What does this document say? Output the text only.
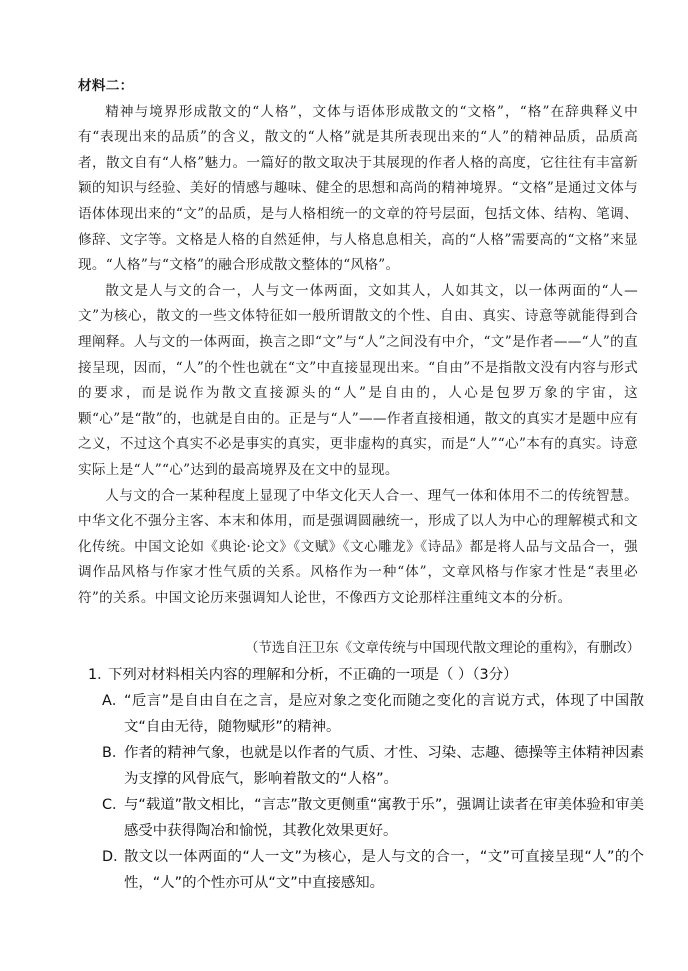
材料二：

精神与境界形成散文的“人格”，文体与语体形成散文的“文格”，“格”在辞典释义中有“表现出来的品质”的含义，散文的“人格”就是其所表现出来的“人”的精神品质，品质高者，散文自有“人格”魅力。一篇好的散文取决于其展现的作者人格的高度，它往往有丰富新颖的知识与经验、美好的情感与趣味、健全的思想和高尚的精神境界。“文格”是通过文体与语体体现出来的“文”的品质，是与人格相统一的文章的符号层面，包括文体、结构、笔调、修辞、文字等。文格是人格的自然延伸，与人格息息相关，高的“人格”需要高的“文格”来显现。“人格”与“文格”的融合形成散文整体的“风格”。

散文是人与文的合一，人与文一体两面，文如其人，人如其文，以一体两面的“人—文”为核心，散文的一些文体特征如一般所谓散文的个性、自由、真实、诗意等就能得到合理阐释。人与文的一体两面，换言之即“文”与“人”之间没有中介，“文”是作者——“人”的直接呈现，因而，“人”的个性也就在“文”中直接显现出来。“自由”不是指散文没有内容与形式的要求，而是说作为散文直接源头的“人”是自由的，人心是包罗万象的宇宙，这颗“心”是“散”的，也就是自由的。正是与“人”——作者直接相通，散文的真实才是题中应有之义，不过这个真实不必是事实的真实，更非虚构的真实，而是“人”“心”本有的真实。诗意实际上是“人”“心”达到的最高境界及在文中的显现。

人与文的合一某种程度上显现了中华文化天人合一、理气一体和体用不二的传统智慧。中华文化不强分主客、本末和体用，而是强调圆融统一，形成了以人为中心的理解模式和文化传统。中国文论如《典论·论文》《文赋》《文心雕龙》《诗品》都是将人品与文品合一，强调作品风格与作家才性气质的关系。风格作为一种“体”，文章风格与作家才性是“表里必符”的关系。中国文论历来强调知人论世，不像西方文论那样注重纯文本的分析。

（节选自汪卫东《文章传统与中国现代散文理论的重构》，有删改）

1．下列对材料相关内容的理解和分析，不正确的一项是（ ）（3分）

A．
“卮言”是自由自在之言，是应对象之变化而随之变化的言说方式，体现了中国散文“自由无待，随物赋形”的精神。

B．
作者的精神气象，也就是以作者的气质、才性、习染、志趣、德操等主体精神因素为支撑的风骨底气，影响着散文的“人格”。

C．
与“载道”散文相比，“言志”散文更侧重“寓教于乐”，强调让读者在审美体验和审美感受中获得陶冶和愉悦，其教化效果更好。

D．
散文以一体两面的“人一文”为核心，是人与文的合一，“文”可直接呈现“人”的个性，“人”的个性亦可从“文”中直接感知。
